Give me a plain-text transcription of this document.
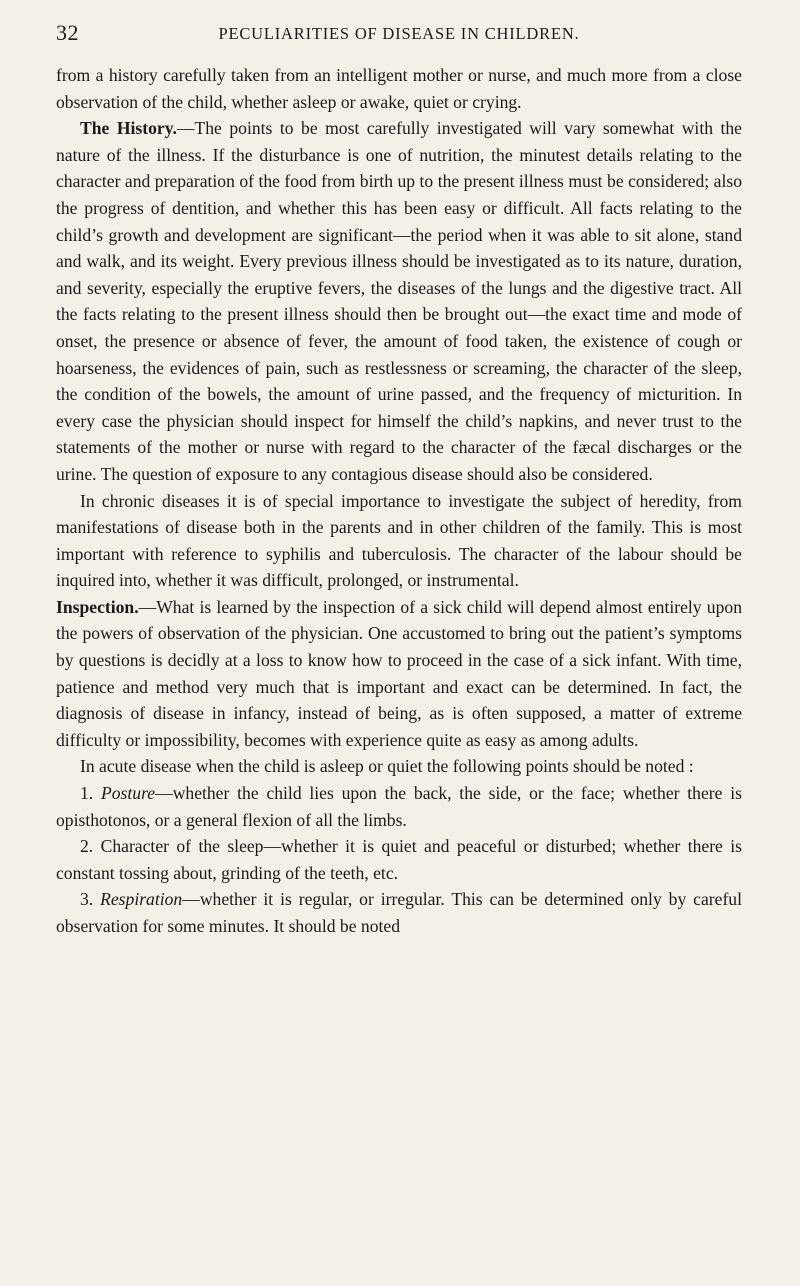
32	PECULIARITIES OF DISEASE IN CHILDREN.

from a history carefully taken from an intelligent mother or nurse, and much more from a close observation of the child, whether asleep or awake, quiet or crying.

The History.—The points to be most carefully investigated will vary somewhat with the nature of the illness. If the disturbance is one of nutrition, the minutest details relating to the character and preparation of the food from birth up to the present illness must be considered; also the progress of dentition, and whether this has been easy or difficult. All facts relating to the child’s growth and development are significant—the period when it was able to sit alone, stand and walk, and its weight. Every previous illness should be investigated as to its nature, duration, and severity, especially the eruptive fevers, the diseases of the lungs and the digestive tract. All the facts relating to the present illness should then be brought out—the exact time and mode of onset, the presence or absence of fever, the amount of food taken, the existence of cough or hoarseness, the evidences of pain, such as restlessness or screaming, the character of the sleep, the condition of the bowels, the amount of urine passed, and the frequency of micturition. In every case the physician should inspect for himself the child’s napkins, and never trust to the statements of the mother or nurse with regard to the character of the fæcal discharges or the urine. The question of exposure to any contagious disease should also be considered.

In chronic diseases it is of special importance to investigate the subject of heredity, from manifestations of disease both in the parents and in other children of the family. This is most important with reference to syphilis and tuberculosis. The character of the labour should be inquired into, whether it was difficult, prolonged, or instrumental.

Inspection.—What is learned by the inspection of a sick child will depend almost entirely upon the powers of observation of the physician. One accustomed to bring out the patient’s symptoms by questions is decidly at a loss to know how to proceed in the case of a sick infant. With time, patience and method very much that is important and exact can be determined. In fact, the diagnosis of disease in infancy, instead of being, as is often supposed, a matter of extreme difficulty or impossibility, becomes with experience quite as easy as among adults.

In acute disease when the child is asleep or quiet the following points should be noted :

1. Posture—whether the child lies upon the back, the side, or the face; whether there is opisthotonos, or a general flexion of all the limbs.

2. Character of the sleep—whether it is quiet and peaceful or disturbed; whether there is constant tossing about, grinding of the teeth, etc.

3. Respiration—whether it is regular, or irregular. This can be determined only by careful observation for some minutes. It should be noted
